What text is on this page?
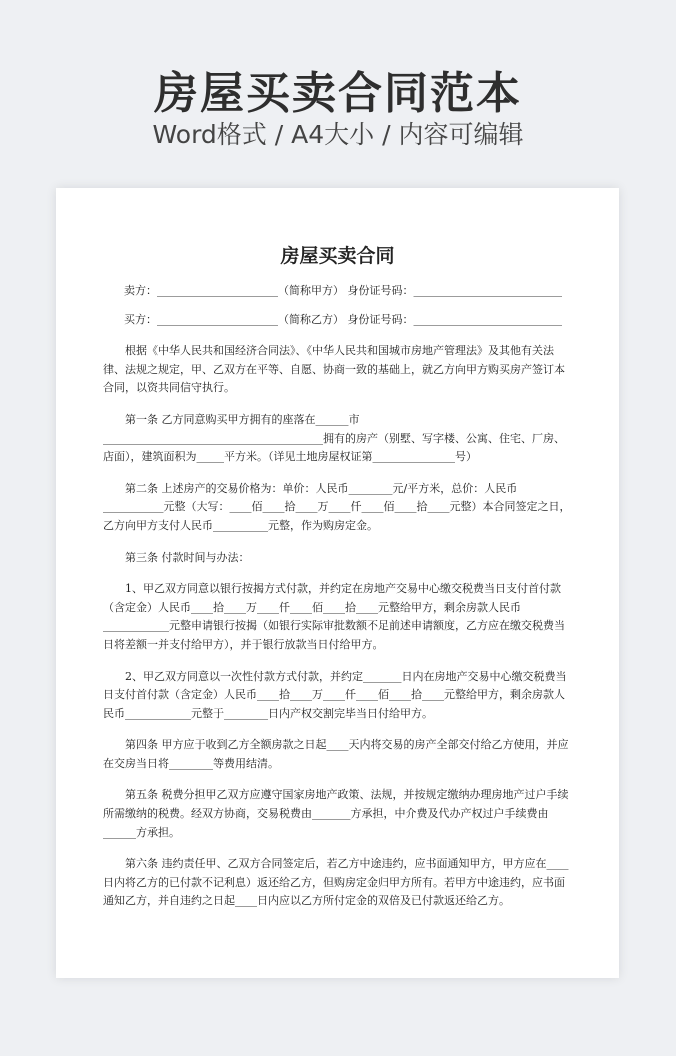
房屋买卖合同范本
Word格式 / A4大小 / 内容可编辑
房屋买卖合同

卖方：______________________（简称甲方） 身份证号码：___________________________

买方：______________________（简称乙方） 身份证号码：___________________________

根据《中华人民共和国经济合同法》、《中华人民共和国城市房地产管理法》及其他有关法律、法规之规定，甲、乙双方在平等、自愿、协商一致的基础上，就乙方向甲方购买房产签订本合同，以资共同信守执行。

第一条 乙方同意购买甲方拥有的座落在______市________________________________________拥有的房产（别墅、写字楼、公寓、住宅、厂房、店面），建筑面积为_____平方米。（详见土地房屋权证第_______________号）

第二条 上述房产的交易价格为：单价：人民币________元/平方米，总价：人民币___________元整（大写：____佰____拾____万____仟____佰____拾____元整）本合同签定之日，乙方向甲方支付人民币__________元整，作为购房定金。

第三条 付款时间与办法：

1、甲乙双方同意以银行按揭方式付款，并约定在房地产交易中心缴交税费当日支付首付款（含定金）人民币____拾____万____仟____佰____拾____元整给甲方，剩余房款人民币____________元整申请银行按揭（如银行实际审批数额不足前述申请额度，乙方应在缴交税费当日将差额一并支付给甲方），并于银行放款当日付给甲方。

2、甲乙双方同意以一次性付款方式付款，并约定_______日内在房地产交易中心缴交税费当日支付首付款（含定金）人民币____拾____万____仟____佰____拾____元整给甲方，剩余房款人民币____________元整于________日内产权交割完毕当日付给甲方。

第四条 甲方应于收到乙方全额房款之日起____天内将交易的房产全部交付给乙方使用，并应在交房当日将________等费用结清。

第五条 税费分担甲乙双方应遵守国家房地产政策、法规，并按规定缴纳办理房地产过户手续所需缴纳的税费。经双方协商，交易税费由_______方承担，中介费及代办产权过户手续费由______方承担。

第六条 违约责任甲、乙双方合同签定后，若乙方中途违约，应书面通知甲方，甲方应在____日内将乙方的已付款不记利息）返还给乙方，但购房定金归甲方所有。若甲方中途违约，应书面通知乙方，并自违约之日起____日内应以乙方所付定金的双倍及已付款返还给乙方。
